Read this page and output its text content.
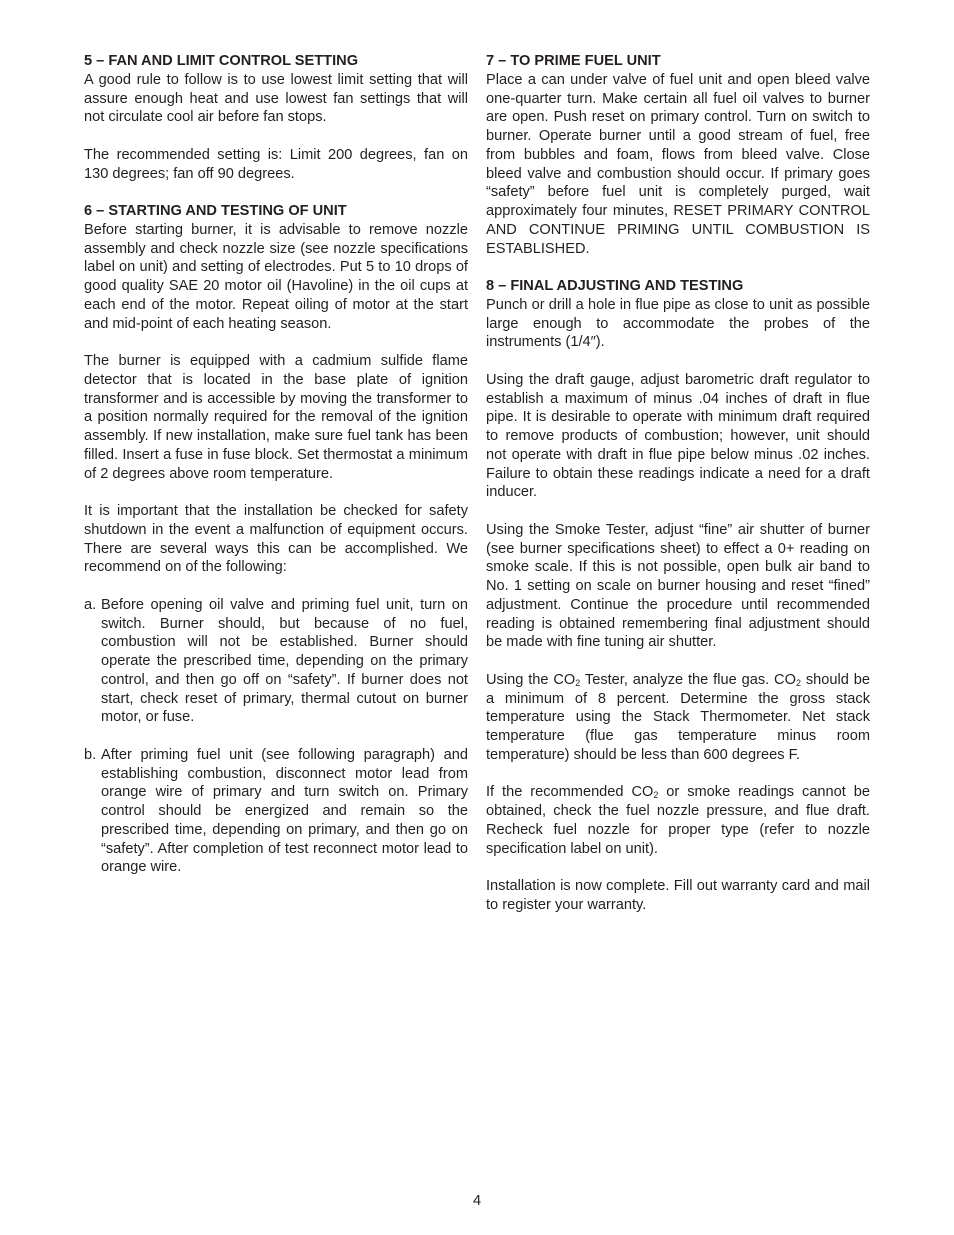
5 – FAN AND LIMIT CONTROL SETTING

A good rule to follow is to use lowest limit setting that will assure enough heat and use lowest fan settings that will not circulate cool air before fan stops.

The recommended setting is: Limit 200 degrees, fan on 130 degrees; fan off 90 degrees.

6 – STARTING AND TESTING OF UNIT

Before starting burner, it is advisable to remove nozzle assembly and check nozzle size (see nozzle specifications label on unit) and setting of electrodes. Put 5 to 10 drops of good quality SAE 20 motor oil (Havoline) in the oil cups at each end of the motor. Repeat oiling of motor at the start and mid-point of each heating season.

The burner is equipped with a cadmium sulfide flame detector that is located in the base plate of ignition transformer and is accessible by moving the transformer to a position normally required for the removal of the ignition assembly. If new installation, make sure fuel tank has been filled. Insert a fuse in fuse block. Set thermostat a minimum of 2 degrees above room temperature.

It is important that the installation be checked for safety shutdown in the event a malfunction of equipment occurs. There are several ways this can be accomplished. We recommend on of the following:

a. Before opening oil valve and priming fuel unit, turn on switch. Burner should, but because of no fuel, combustion will not be established. Burner should operate the prescribed time, depending on the primary control, and then go off on “safety”. If burner does not start, check reset of primary, thermal cutout on burner motor, or fuse.
b. After priming fuel unit (see following paragraph) and establishing combustion, disconnect motor lead from orange wire of primary and turn switch on. Primary control should be energized and remain so the prescribed time, depending on primary, and then go on “safety”. After completion of test reconnect motor lead to orange wire.
7 – TO PRIME FUEL UNIT

Place a can under valve of fuel unit and open bleed valve one-quarter turn. Make certain all fuel oil valves to burner are open. Push reset on primary control. Turn on switch to burner. Operate burner until a good stream of fuel, free from bubbles and foam, flows from bleed valve. Close bleed valve and combustion should occur. If primary goes “safety” before fuel unit is completely purged, wait approximately four minutes, RESET PRIMARY CONTROL AND CONTINUE PRIMING UNTIL COMBUSTION IS ESTABLISHED.

8 – FINAL ADJUSTING AND TESTING

Punch or drill a hole in flue pipe as close to unit as possible large enough to accommodate the probes of the instruments (1/4″).

Using the draft gauge, adjust barometric draft regulator to establish a maximum of minus .04 inches of draft in flue pipe. It is desirable to operate with minimum draft required to remove products of combustion; however, unit should not operate with draft in flue pipe below minus .02 inches. Failure to obtain these readings indicate a need for a draft inducer.

Using the Smoke Tester, adjust “fine” air shutter of burner (see burner specifications sheet) to effect a 0+ reading on smoke scale. If this is not possible, open bulk air band to No. 1 setting on scale on burner housing and reset “fined” adjustment. Continue the procedure until recommended reading is obtained remembering final adjustment should be made with fine tuning air shutter.

Using the $CO_2$ Tester, analyze the flue gas. $CO_2$ should be a minimum of 8 percent. Determine the gross stack temperature using the Stack Thermometer. Net stack temperature (flue gas temperature minus room temperature) should be less than 600 degrees F.

If the recommended $CO_2$ or smoke readings cannot be obtained, check the fuel nozzle pressure, and flue draft. Recheck fuel nozzle for proper type (refer to nozzle specification label on unit).

Installation is now complete. Fill out warranty card and mail to register your warranty.

4
